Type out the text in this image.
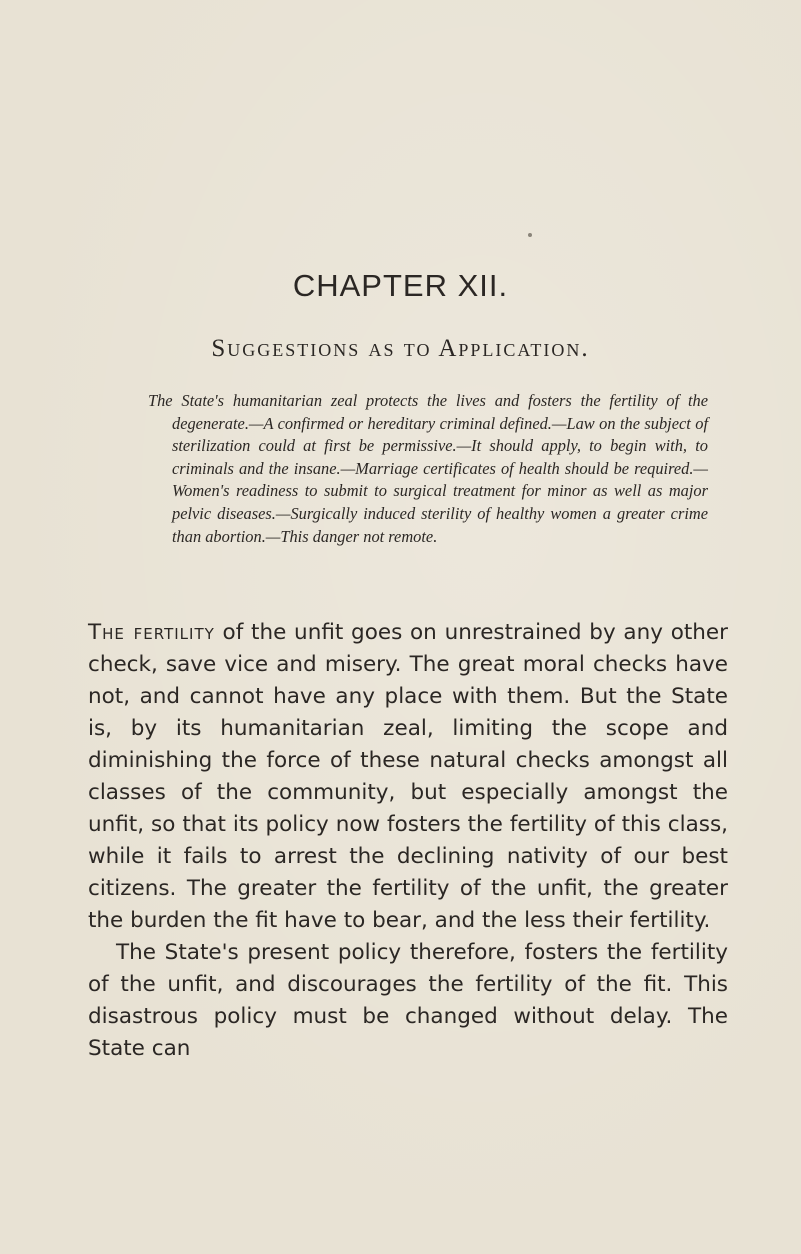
CHAPTER XII.
Suggestions as to Application.
The State's humanitarian zeal protects the lives and fosters the fertility of the degenerate.—A confirmed or hereditary criminal defined.—Law on the subject of sterilization could at first be permissive.—It should apply, to begin with, to criminals and the insane.—Marriage certificates of health should be required.—Women's readiness to submit to surgical treatment for minor as well as major pelvic diseases.—Surgically induced sterility of healthy women a greater crime than abortion.—This danger not remote.

The fertility of the unfit goes on unrestrained by any other check, save vice and misery. The great moral checks have not, and cannot have any place with them. But the State is, by its humanitarian zeal, limiting the scope and diminishing the force of these natural checks amongst all classes of the community, but especially amongst the unfit, so that its policy now fosters the fertility of this class, while it fails to arrest the declining nativity of our best citizens. The greater the fertility of the unfit, the greater the burden the fit have to bear, and the less their fertility.

The State's present policy therefore, fosters the fertility of the unfit, and discourages the fertility of the fit. This disastrous policy must be changed without delay. The State can
